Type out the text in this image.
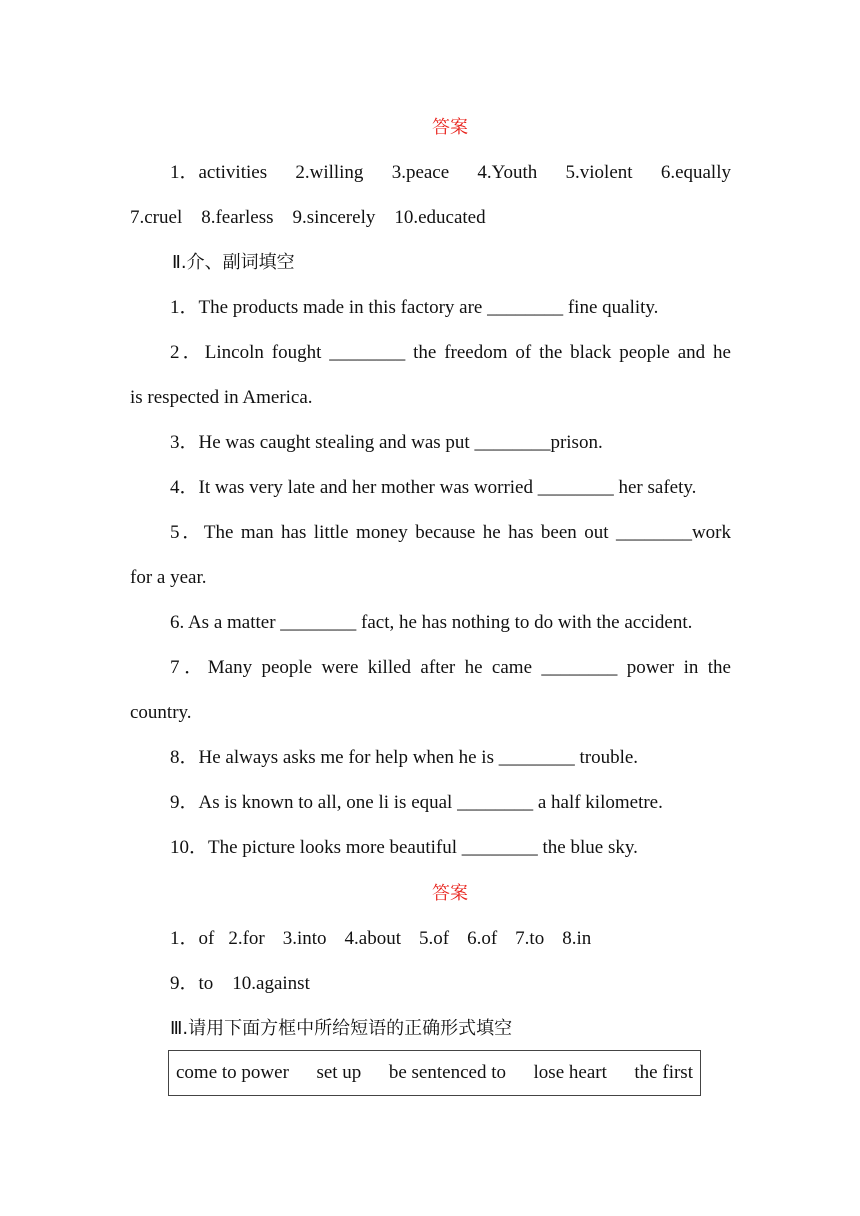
答案
1．activities 2.willing 3.peace 4.Youth 5.violent 6.equally
7.cruel 8.fearless 9.sincerely 10.educated
Ⅱ.介、副词填空
1．The products made in this factory are ________ fine quality.
2．Lincoln fought ________ the freedom of the black people and he
is respected in America.
3．He was caught stealing and was put ________prison.
4．It was very late and her mother was worried ________ her safety.
5．The man has little money because he has been out ________work
for a year.
6. As a matter ________ fact, he has nothing to do with the accident.
7．Many people were killed after he came ________ power in the
country.
8．He always asks me for help when he is ________ trouble.
9．As is known to all, one li is equal ________ a half kilometre.
10．The picture looks more beautiful ________ the blue sky.
答案
1．of 2.for 3.into 4.about 5.of 6.of 7.to 8.in
9．to 10.against
Ⅲ.请用下面方框中所给短语的正确形式填空
come to power set up be sentenced to lose heart the first
